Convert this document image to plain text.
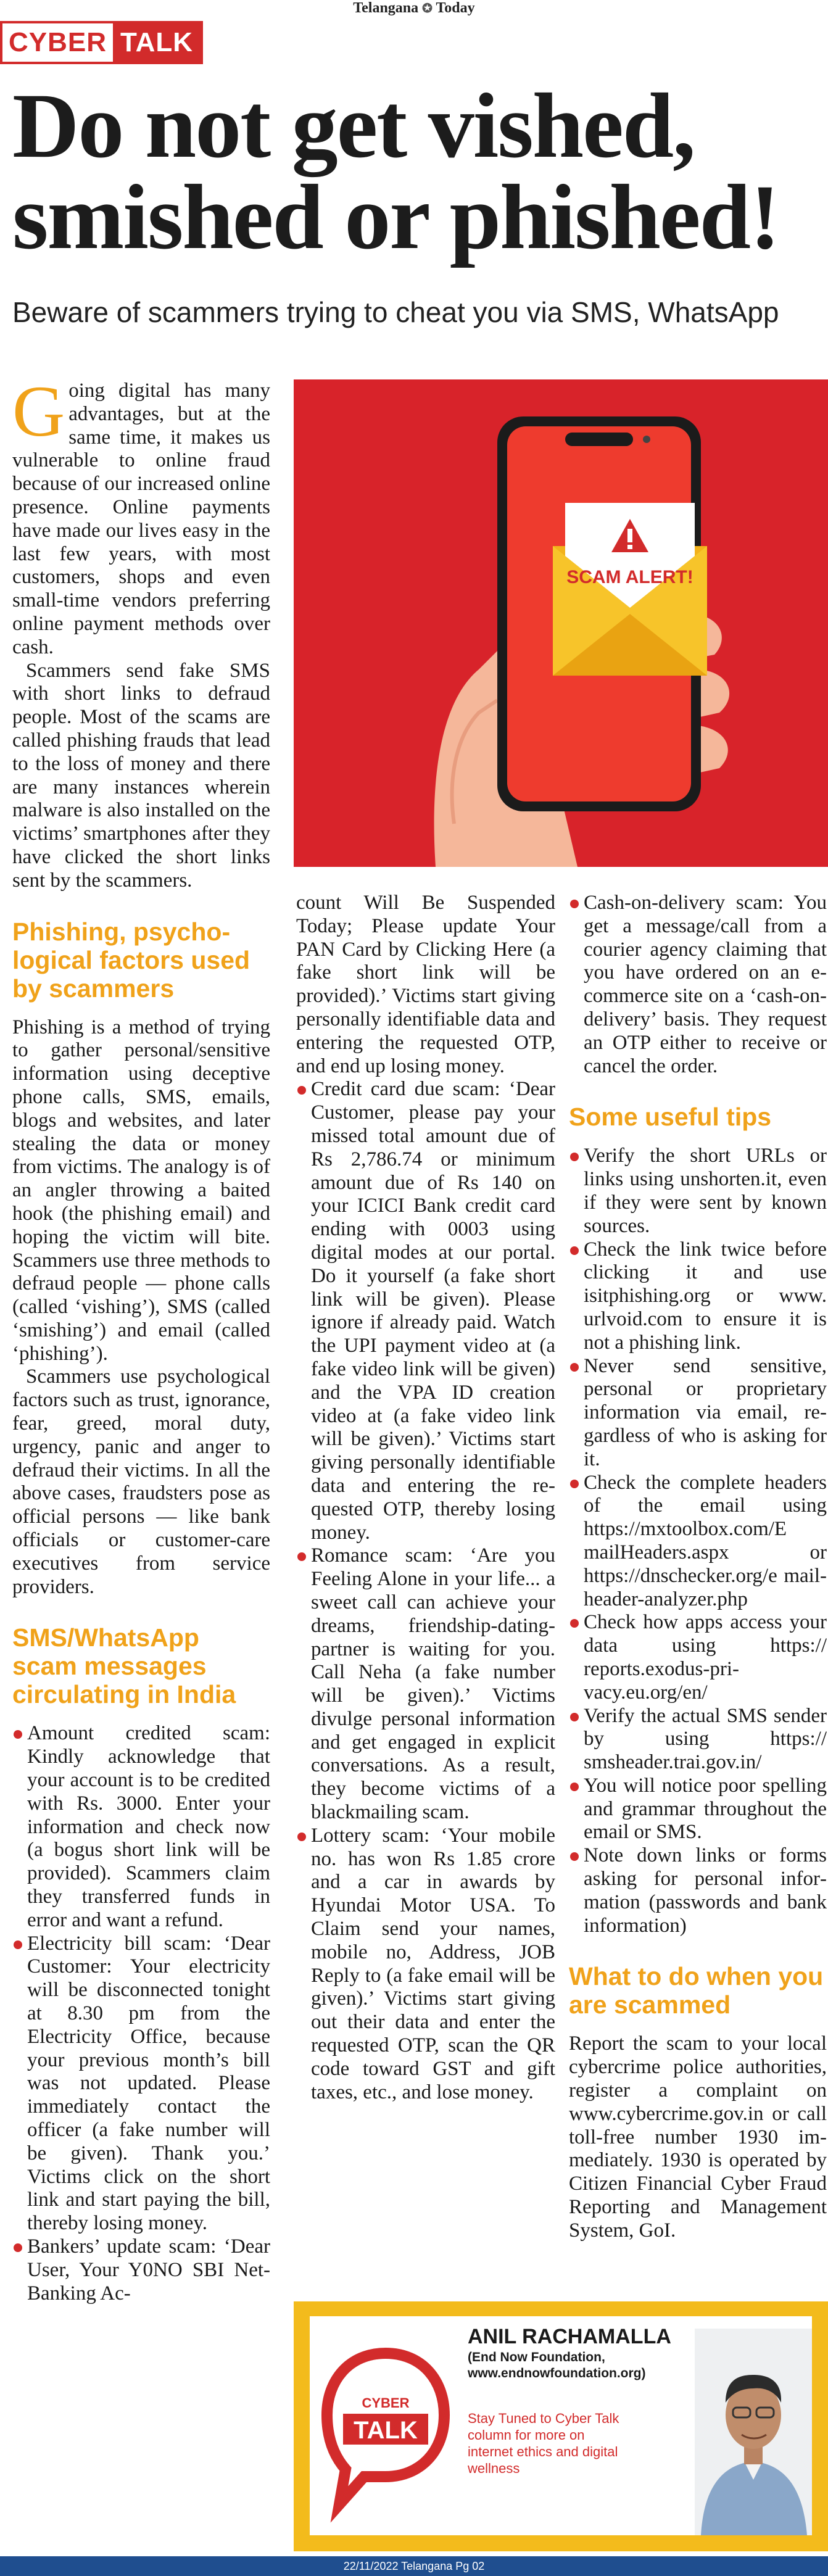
Telangana ✪ Today
CYBER TALK
Do not get vished,
smished or phished!
Beware of scammers trying to cheat you via SMS, WhatsApp

Going digital has many advantages, but at the same time, it makes us vulnerable to online fraud because of our increased online presence. Online payments have made our lives easy in the last few years, with most customers, shops and even small-time vendors preferring online payment methods over cash.

Scammers send fake SMS with short links to defraud people. Most of the scams are called phishing frauds that lead to the loss of money and there are many instances wherein malware is also installed on the victims’ smartphones after they have clicked the short links sent by the scammers.

Phishing, psychological factors used by scammers

Phishing is a method of trying to gather personal/sensitive information using deceptive phone calls, SMS, emails, blogs and websites, and later stealing the data or money from victims. The analogy is of an angler throwing a baited hook (the phishing email) and hoping the victim will bite. Scammers use three methods to defraud people — phone calls (called ‘vishing’), SMS (called ‘smishing’) and email (called ‘phishing’).

Scammers use psychological factors such as trust, ignorance, fear, greed, moral duty, urgency, panic and anger to defraud their victims. In all the above cases, fraudsters pose as official persons — like bank officials or customer-care executives from service providers.

SMS/WhatsApp scam messages circulating in India
Amount credited scam: Kindly acknowledge that your account is to be credited with Rs. 3000. Enter your information and check now (a bogus short link will be provided). Scammers claim they transferred funds in error and want a refund.
Electricity bill scam: ‘Dear Customer: Your electricity will be disconnected tonight at 8.30 pm from the Electricity Office, because your previous month’s bill was not updated. Please immediately contact the officer (a fake number will be given). Thank you.’ Victims click on the short link and start paying the bill, thereby losing money.
Bankers’ update scam: ‘Dear User, Your Y0NO SBI Net-Banking Ac-
SCAM ALERT!

count Will Be Suspended Today; Please update Your PAN Card by Clicking Here (a fake short link will be provided).’ Victims start giving personally identifiable data and entering the requested OTP, and end up losing money.

Credit card due scam: ‘Dear Customer, please pay your missed total amount due of Rs 2,786.74 or minimum amount due of Rs 140 on your ICICI Bank credit card ending with 0003 using digital modes at our portal. Do it yourself (a fake short link will be given). Please ignore if already paid. Watch the UPI payment video at (a fake video link will be given) and the VPA ID creation video at (a fake video link will be given).’ Victims start giving personally identifiable data and entering the requested OTP, thereby losing money.
Romance scam: ‘Are you Feeling Alone in your life... a sweet call can achieve your dreams, friendship-dating-partner is waiting for you. Call Neha (a fake number will be given).’ Victims divulge personal information and get engaged in explicit conversations. As a result, they become victims of a blackmailing scam.
Lottery scam: ‘Your mobile no. has won Rs 1.85 crore and a car in awards by Hyundai Motor USA. To Claim send your names, mobile no, Address, JOB Reply to (a fake email will be given).’ Victims start giving out their data and enter the requested OTP, scan the QR code toward GST and gift taxes, etc., and lose money.
Cash-on-delivery scam: You get a message/call from a courier agency claiming that you have ordered on an e-commerce site on a ‘cash-on-delivery’ basis. They request an OTP either to receive or cancel the order.
Some useful tips
Verify the short URLs or links using unshorten.it, even if they were sent by known sources.
Check the link twice before clicking it and use isitphishing.org or www. urlvoid.com to ensure it is not a phishing link.
Never send sensitive, personal or proprietary information via email, regardless of who is asking for it.
Check the complete headers of the email using https://mxtoolbox.com/E mailHeaders.aspx or https://dnschecker.org/e mail-header-analyzer.php
Check how apps access your data using https:// reports.exodus-privacy.eu.org/en/
Verify the actual SMS sender by using https:// smsheader.trai.gov.in/
You will notice poor spelling and grammar throughout the email or SMS.
Note down links or forms asking for personal information (passwords and bank information)
What to do when you are scammed

Report the scam to your local cybercrime police authorities, register a complaint on www.cybercrime.gov.in or call toll-free number 1930 immediately. 1930 is operated by Citizen Financial Cyber Fraud Reporting and Management System, GoI.

CYBER
TALK
ANIL RACHAMALLA
(End Now Foundation,
www.endnowfoundation.org)
Stay Tuned to Cyber Talk column for more on internet ethics and digital wellness
22/11/2022 Telangana Pg 02
